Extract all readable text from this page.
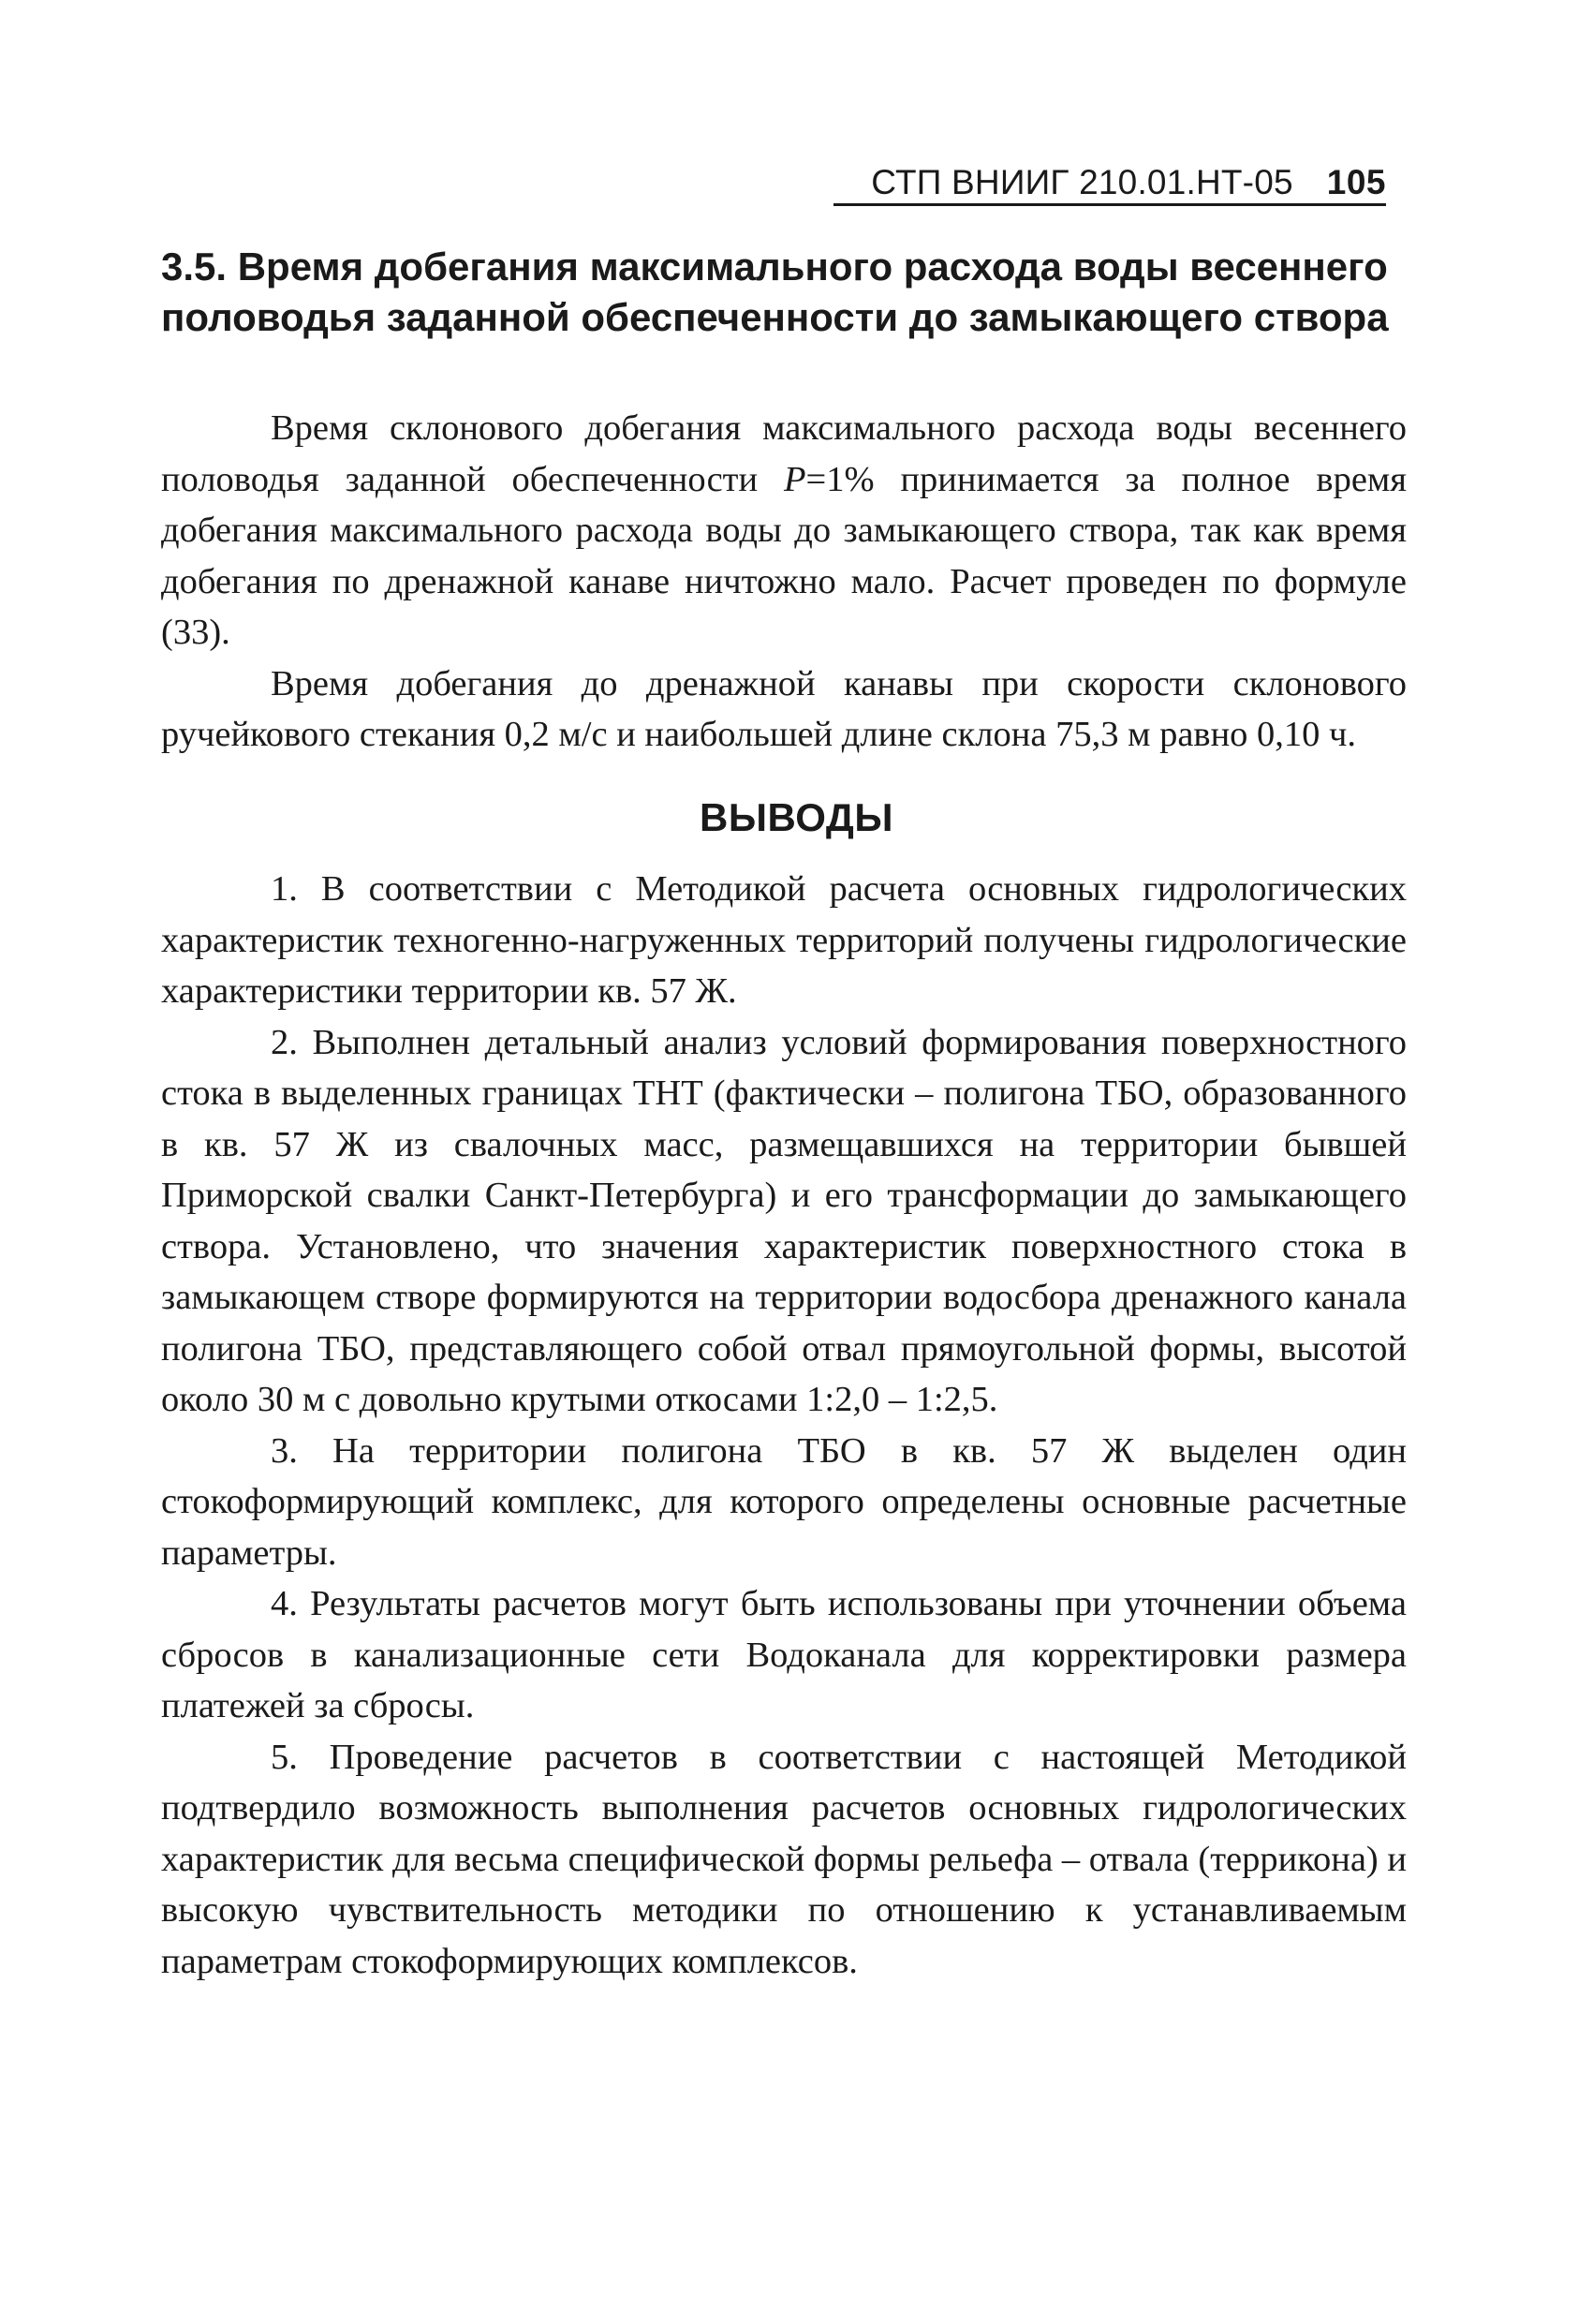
СТП ВНИИГ 210.01.НТ-05 105
3.5. Время добегания максимального расхода воды весеннего
половодья заданной обеспеченности до замыкающего створа

Время склонового добегания максимального расхода воды весеннего половодья заданной обеспеченности P=1% принимается за полное время добегания максимального расхода воды до замыкающего створа, так как время добегания по дренажной канаве ничтожно мало. Расчет проведен по формуле (33).

Время добегания до дренажной канавы при скорости склонового ручейкового стекания 0,2 м/с и наибольшей длине склона 75,3 м равно 0,10 ч.

ВЫВОДЫ

1. В соответствии с Методикой расчета основных гидрологических характеристик техногенно-нагруженных территорий получены гидрологические характеристики территории кв. 57 Ж.

2. Выполнен детальный анализ условий формирования поверхностного стока в выделенных границах ТНТ (фактически – полигона ТБО, образованного в кв. 57 Ж из свалочных масс, размещавшихся на территории бывшей Приморской свалки Санкт-Петербурга) и его трансформации до замыкающего створа. Установлено, что значения характеристик поверхностного стока в замыкающем створе формируются на территории водосбора дренажного канала полигона ТБО, представляющего собой отвал прямоугольной формы, высотой около 30 м с довольно крутыми откосами 1:2,0 – 1:2,5.

3. На территории полигона ТБО в кв. 57 Ж выделен один стокоформирующий комплекс, для которого определены основные расчетные параметры.

4. Результаты расчетов могут быть использованы при уточнении объема сбросов в канализационные сети Водоканала для корректировки размера платежей за сбросы.

5. Проведение расчетов в соответствии с настоящей Методикой подтвердило возможность выполнения расчетов основных гидрологических характеристик для весьма специфической формы рельефа – отвала (терриконa) и высокую чувствительность методики по отношению к устанавливаемым параметрам стокоформирующих комплексов.
